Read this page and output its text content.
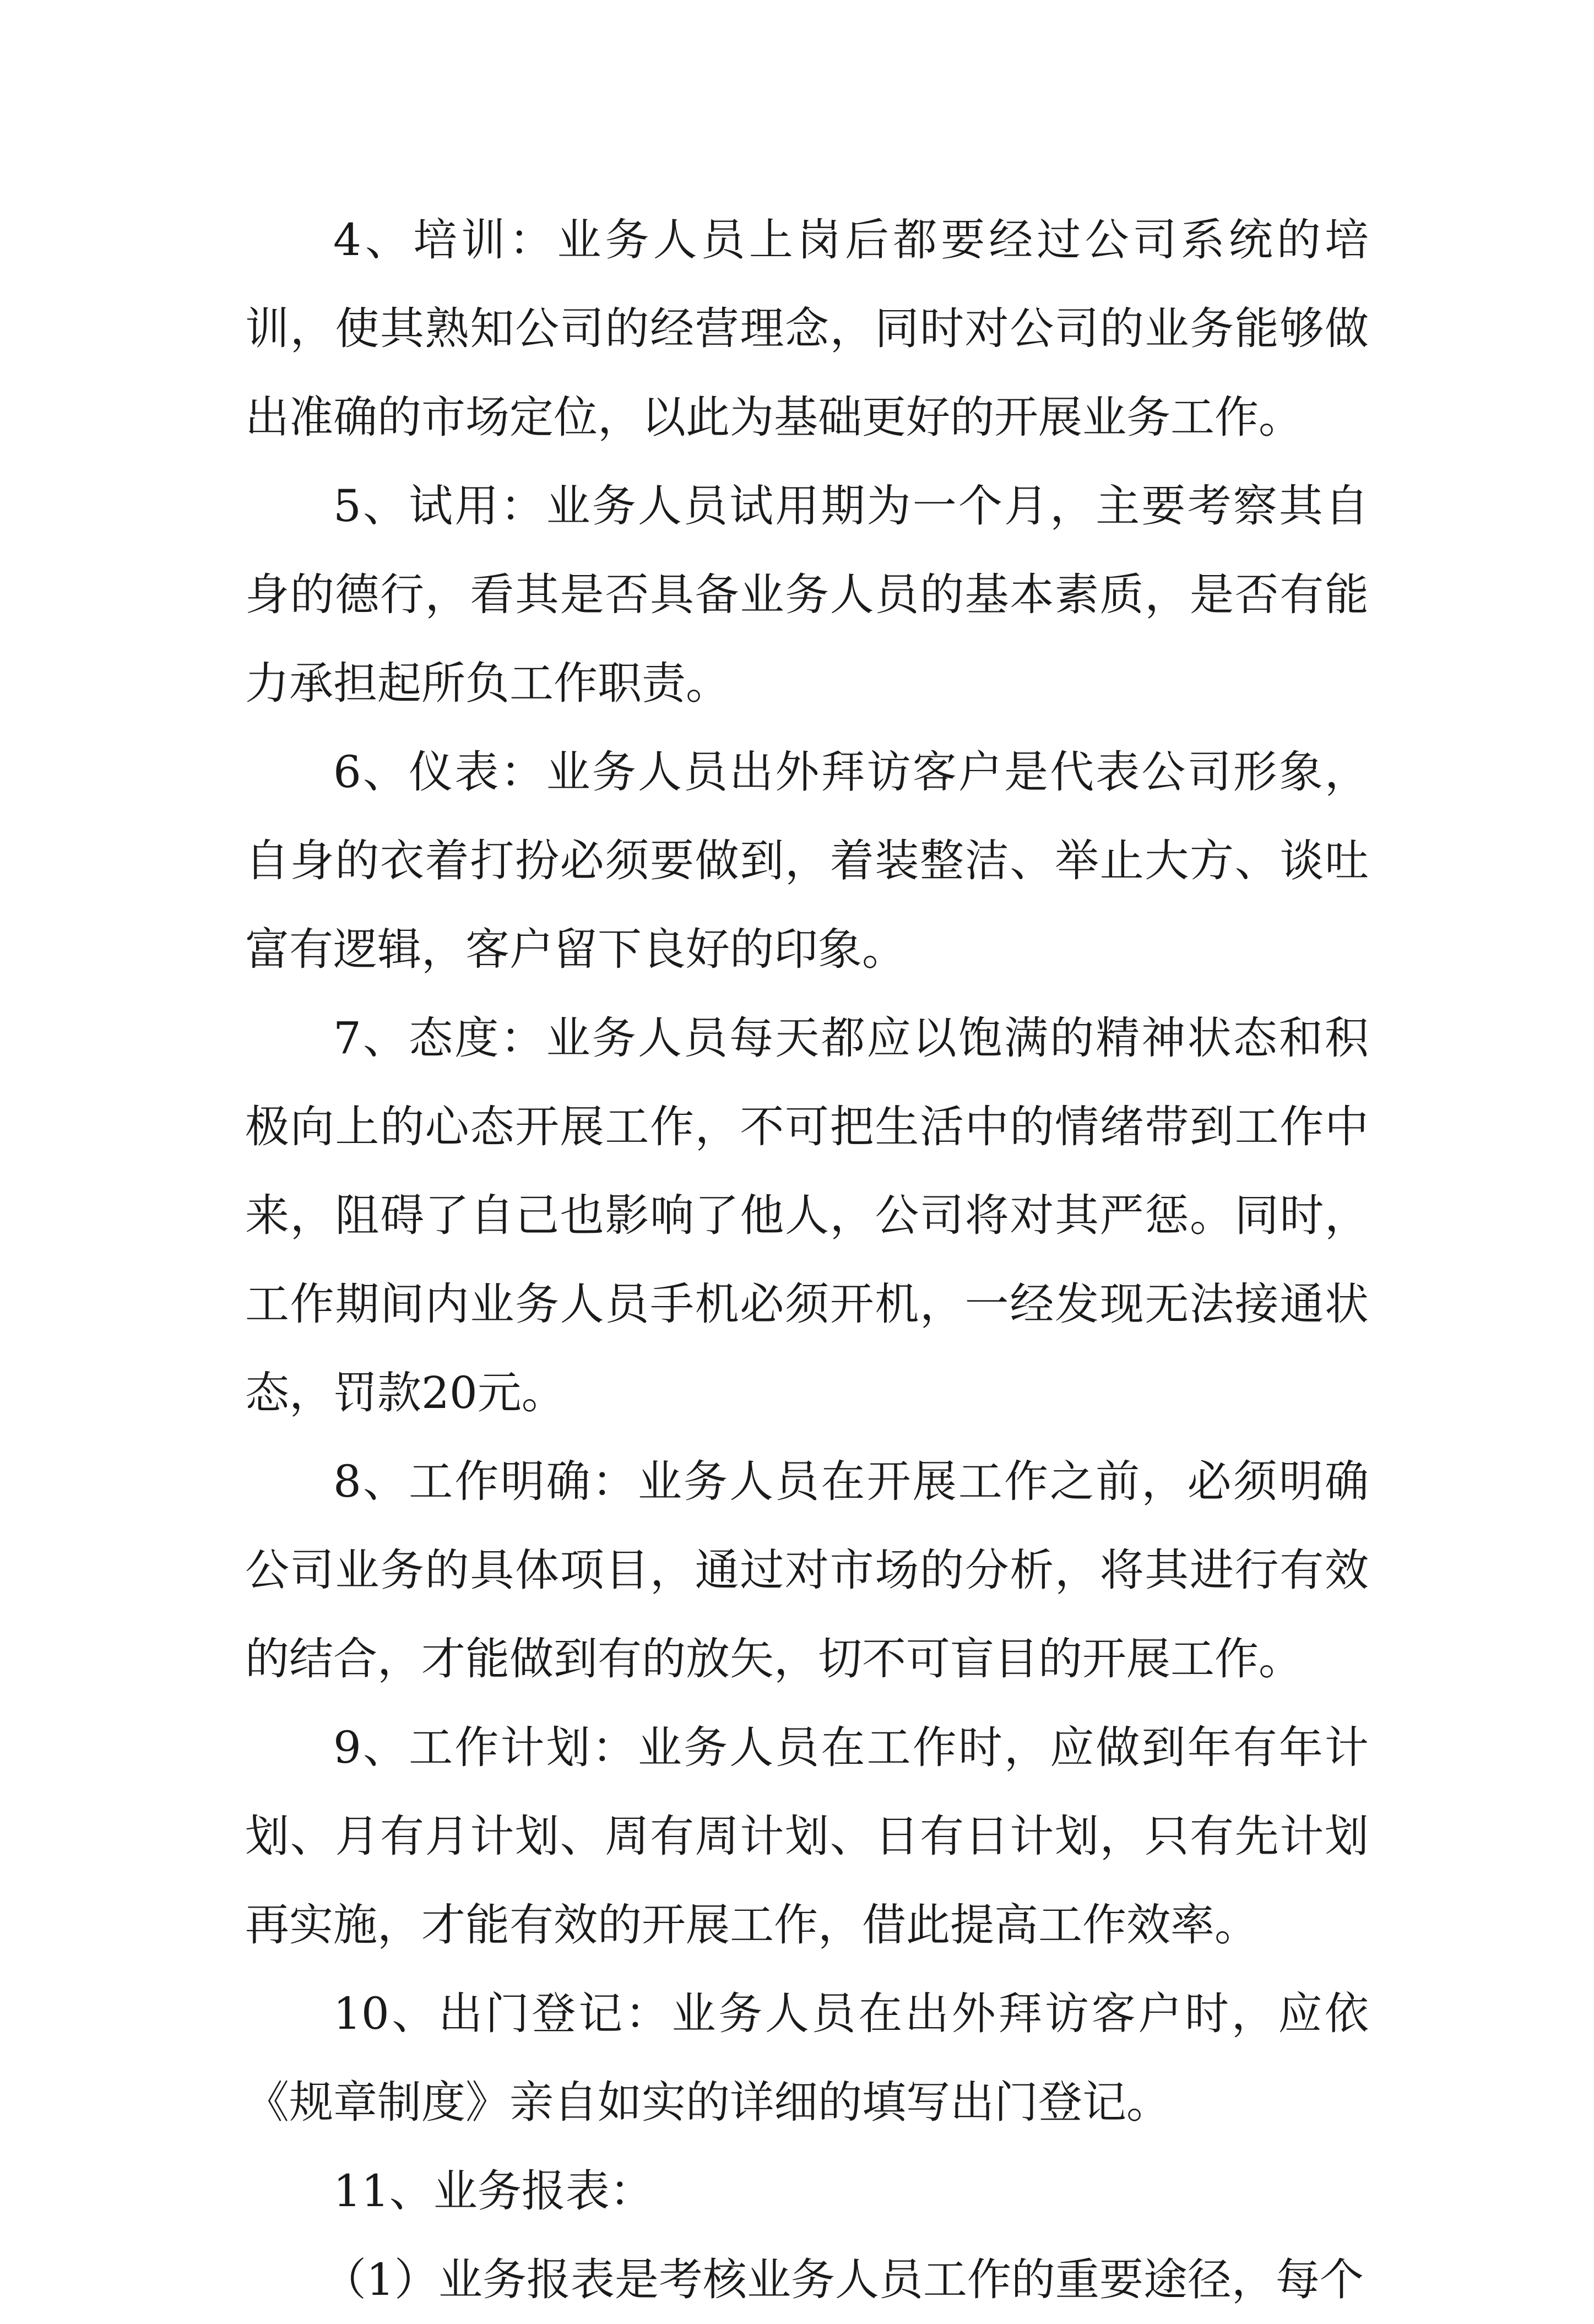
4、培训：业务人员上岗后都要经过公司系统的培训，使其熟知公司的经营理念，同时对公司的业务能够做出准确的市场定位，以此为基础更好的开展业务工作。

5、试用：业务人员试用期为一个月，主要考察其自身的德行，看其是否具备业务人员的基本素质，是否有能力承担起所负工作职责。

6、仪表：业务人员出外拜访客户是代表公司形象，自身的衣着打扮必须要做到，着装整洁、举止大方、谈吐富有逻辑，客户留下良好的印象。

7、态度：业务人员每天都应以饱满的精神状态和积极向上的心态开展工作，不可把生活中的情绪带到工作中来，阻碍了自己也影响了他人，公司将对其严惩。同时，工作期间内业务人员手机必须开机，一经发现无法接通状态，罚款20元。

8、工作明确：业务人员在开展工作之前，必须明确公司业务的具体项目，通过对市场的分析，将其进行有效的结合，才能做到有的放矢，切不可盲目的开展工作。

9、工作计划：业务人员在工作时，应做到年有年计划、月有月计划、周有周计划、日有日计划，只有先计划再实施，才能有效的开展工作，借此提高工作效率。

10、出门登记：业务人员在出外拜访客户时，应依《规章制度》亲自如实的详细的填写出门登记。

11、业务报表：

（1）业务报表是考核业务人员工作的重要途径，每个
